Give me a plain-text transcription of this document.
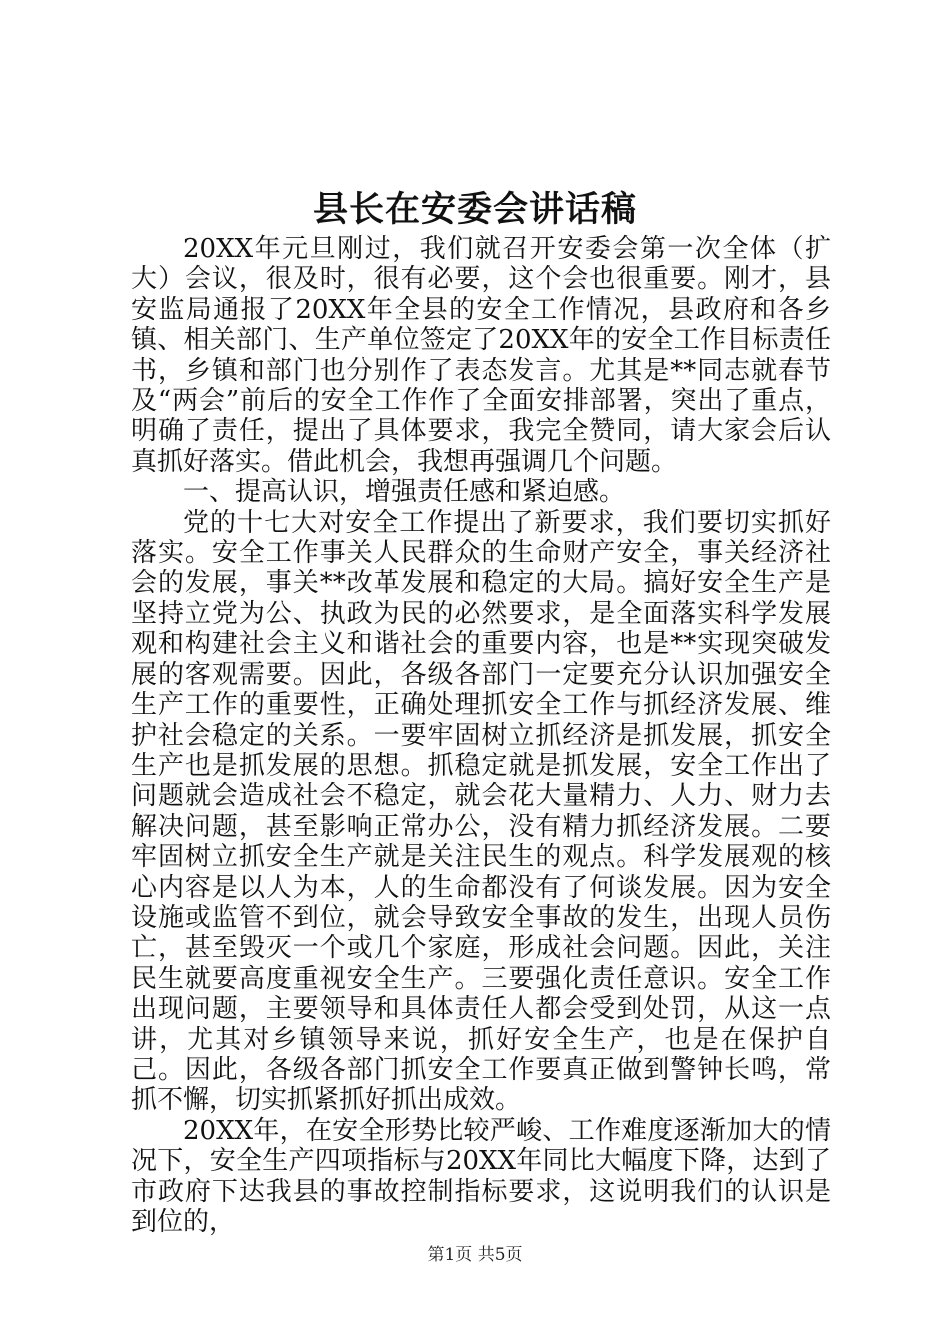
县长在安委会讲话稿

20XX年元旦刚过，我们就召开安委会第一次全体（扩大）会议，很及时，很有必要，这个会也很重要。刚才，县安监局通报了20XX年全县的安全工作情况，县政府和各乡镇、相关部门、生产单位签定了20XX年的安全工作目标责任书，乡镇和部门也分别作了表态发言。尤其是**同志就春节及“两会”前后的安全工作作了全面安排部署，突出了重点，明确了责任，提出了具体要求，我完全赞同，请大家会后认真抓好落实。借此机会，我想再强调几个问题。

一、提高认识，增强责任感和紧迫感。

党的十七大对安全工作提出了新要求，我们要切实抓好落实。安全工作事关人民群众的生命财产安全，事关经济社会的发展，事关**改革发展和稳定的大局。搞好安全生产是坚持立党为公、执政为民的必然要求，是全面落实科学发展观和构建社会主义和谐社会的重要内容，也是**实现突破发展的客观需要。因此，各级各部门一定要充分认识加强安全生产工作的重要性，正确处理抓安全工作与抓经济发展、维护社会稳定的关系。一要牢固树立抓经济是抓发展，抓安全生产也是抓发展的思想。抓稳定就是抓发展，安全工作出了问题就会造成社会不稳定，就会花大量精力、人力、财力去解决问题，甚至影响正常办公，没有精力抓经济发展。二要牢固树立抓安全生产就是关注民生的观点。科学发展观的核心内容是以人为本，人的生命都没有了何谈发展。因为安全设施或监管不到位，就会导致安全事故的发生，出现人员伤亡，甚至毁灭一个或几个家庭，形成社会问题。因此，关注民生就要高度重视安全生产。三要强化责任意识。安全工作出现问题，主要领导和具体责任人都会受到处罚，从这一点讲，尤其对乡镇领导来说，抓好安全生产，也是在保护自己。因此，各级各部门抓安全工作要真正做到警钟长鸣，常抓不懈，切实抓紧抓好抓出成效。

20XX年，在安全形势比较严峻、工作难度逐渐加大的情况下，安全生产四项指标与20XX年同比大幅度下降，达到了市政府下达我县的事故控制指标要求，这说明我们的认识是到位的，

第1页 共5页
